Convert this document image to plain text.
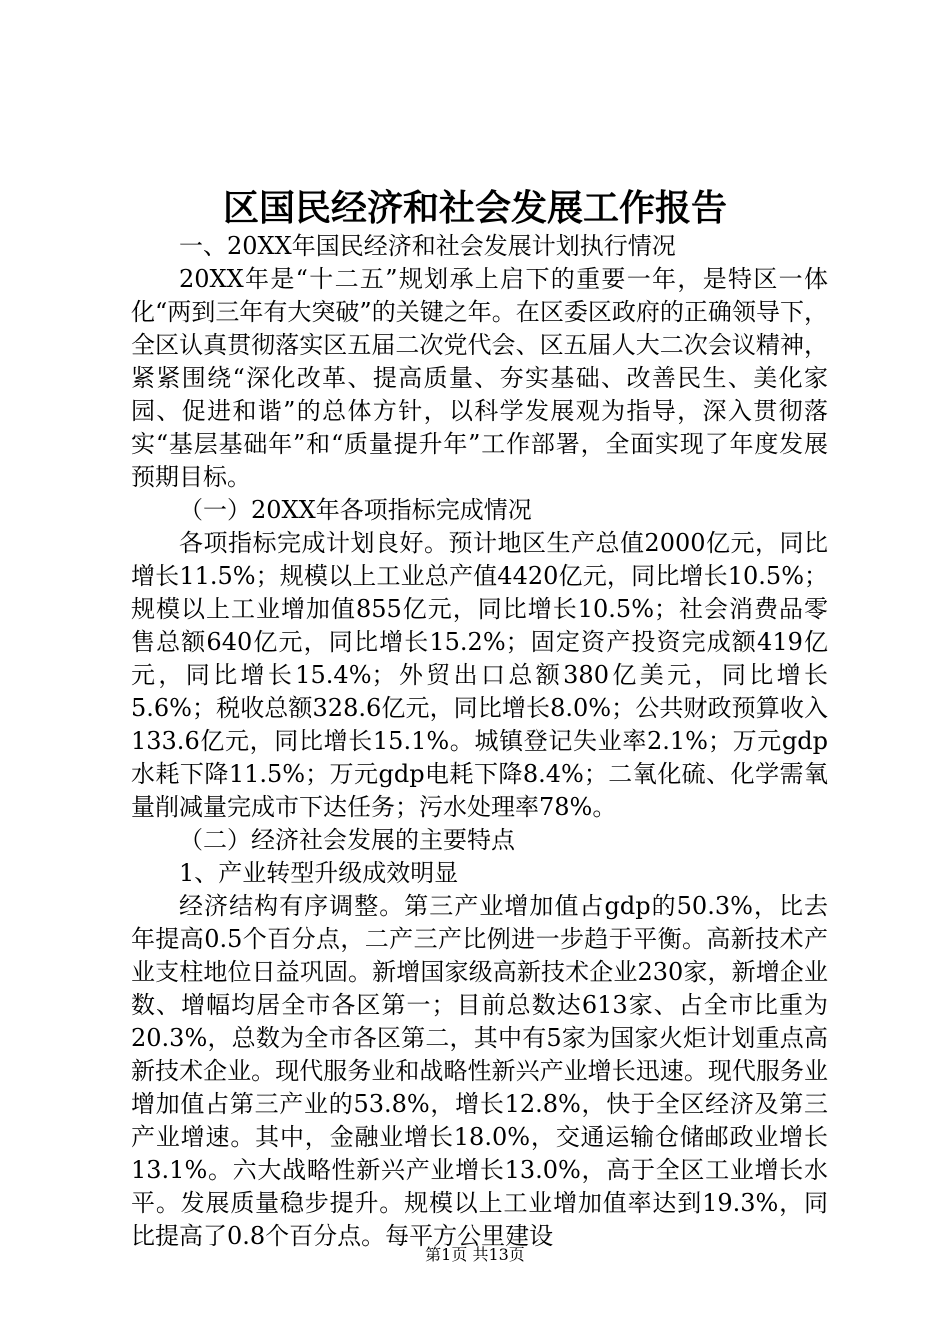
区国民经济和社会发展工作报告

一、20XX年国民经济和社会发展计划执行情况

20XX年是“十二五”规划承上启下的重要一年，是特区一体化“两到三年有大突破”的关键之年。在区委区政府的正确领导下，全区认真贯彻落实区五届二次党代会、区五届人大二次会议精神，紧紧围绕“深化改革、提高质量、夯实基础、改善民生、美化家园、促进和谐”的总体方针，以科学发展观为指导，深入贯彻落实“基层基础年”和“质量提升年”工作部署，全面实现了年度发展预期目标。

（一）20XX年各项指标完成情况

各项指标完成计划良好。预计地区生产总值2000亿元，同比增长11.5%；规模以上工业总产值4420亿元，同比增长10.5%；规模以上工业增加值855亿元，同比增长10.5%；社会消费品零售总额640亿元，同比增长15.2%；固定资产投资完成额419亿元，同比增长15.4%；外贸出口总额380亿美元，同比增长5.6%；税收总额328.6亿元，同比增长8.0%；公共财政预算收入133.6亿元，同比增长15.1%。城镇登记失业率2.1%；万元gdp水耗下降11.5%；万元gdp电耗下降8.4%；二氧化硫、化学需氧量削减量完成市下达任务；污水处理率78%。

（二）经济社会发展的主要特点

1、产业转型升级成效明显

经济结构有序调整。第三产业增加值占gdp的50.3%，比去年提高0.5个百分点，二产三产比例进一步趋于平衡。高新技术产业支柱地位日益巩固。新增国家级高新技术企业230家，新增企业数、增幅均居全市各区第一；目前总数达613家、占全市比重为20.3%，总数为全市各区第二，其中有5家为国家火炬计划重点高新技术企业。现代服务业和战略性新兴产业增长迅速。现代服务业增加值占第三产业的53.8%，增长12.8%，快于全区经济及第三产业增速。其中，金融业增长18.0%，交通运输仓储邮政业增长13.1%。六大战略性新兴产业增长13.0%，高于全区工业增长水平。发展质量稳步提升。规模以上工业增加值率达到19.3%，同比提高了0.8个百分点。每平方公里建设

第1页 共13页
